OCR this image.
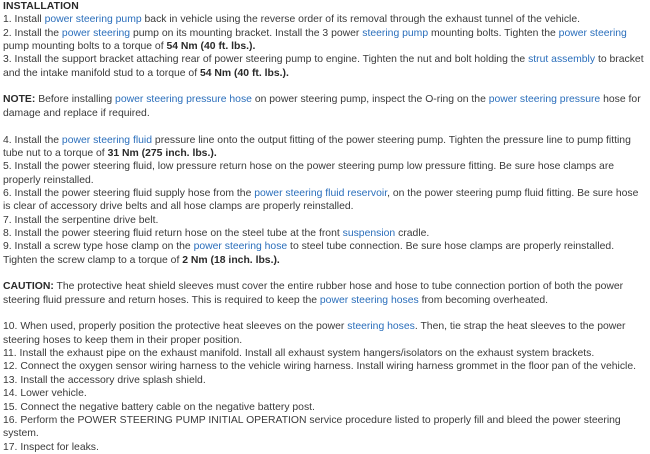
INSTALLATION
1. Install power steering pump back in vehicle using the reverse order of its removal through the exhaust tunnel of the vehicle.
2. Install the power steering pump on its mounting bracket. Install the 3 power steering pump mounting bolts. Tighten the power steering pump mounting bolts to a torque of 54 Nm (40 ft. lbs.).
3. Install the support bracket attaching rear of power steering pump to engine. Tighten the nut and bolt holding the strut assembly to bracket and the intake manifold stud to a torque of 54 Nm (40 ft. lbs.).
NOTE: Before installing power steering pressure hose on power steering pump, inspect the O-ring on the power steering pressure hose for damage and replace if required.
4. Install the power steering fluid pressure line onto the output fitting of the power steering pump. Tighten the pressure line to pump fitting tube nut to a torque of 31 Nm (275 inch. lbs.).
5. Install the power steering fluid, low pressure return hose on the power steering pump low pressure fitting. Be sure hose clamps are properly reinstalled.
6. Install the power steering fluid supply hose from the power steering fluid reservoir, on the power steering pump fluid fitting. Be sure hose is clear of accessory drive belts and all hose clamps are properly reinstalled.
7. Install the serpentine drive belt.
8. Install the power steering fluid return hose on the steel tube at the front suspension cradle.
9. Install a screw type hose clamp on the power steering hose to steel tube connection. Be sure hose clamps are properly reinstalled. Tighten the screw clamp to a torque of 2 Nm (18 inch. lbs.).
CAUTION: The protective heat shield sleeves must cover the entire rubber hose and hose to tube connection portion of both the power steering fluid pressure and return hoses. This is required to keep the power steering hoses from becoming overheated.
10. When used, properly position the protective heat sleeves on the power steering hoses. Then, tie strap the heat sleeves to the power steering hoses to keep them in their proper position.
11. Install the exhaust pipe on the exhaust manifold. Install all exhaust system hangers/isolators on the exhaust system brackets.
12. Connect the oxygen sensor wiring harness to the vehicle wiring harness. Install wiring harness grommet in the floor pan of the vehicle.
13. Install the accessory drive splash shield.
14. Lower vehicle.
15. Connect the negative battery cable on the negative battery post.
16. Perform the POWER STEERING PUMP INITIAL OPERATION service procedure listed to properly fill and bleed the power steering system.
17. Inspect for leaks.
